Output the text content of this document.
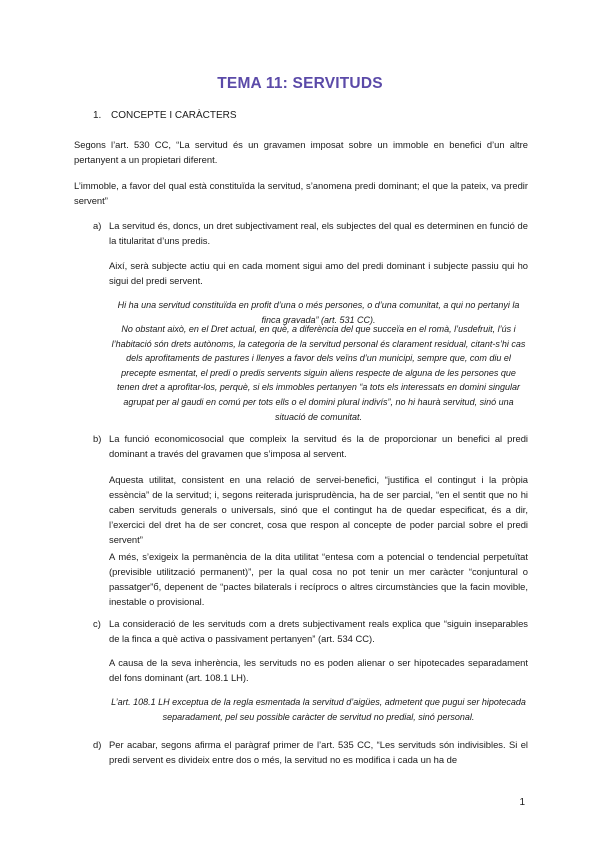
TEMA 11: SERVITUDS
1. CONCEPTE I CARÀCTERS
Segons l’art. 530 CC, “La servitud és un gravamen imposat sobre un immoble en benefici d’un altre pertanyent a un propietari diferent.
L’immoble, a favor del qual està constituïda la servitud, s’anomena predi dominant; el que la pateix, va predir servent”
a) La servitud és, doncs, un dret subjectivament real, els subjectes del qual es determinen en funció de la titularitat d’uns predis.
Així, serà subjecte actiu qui en cada moment sigui amo del predi dominant i subjecte passiu qui ho sigui del predi servent.
Hi ha una servitud constituïda en profit d’una o més persones, o d’una comunitat, a qui no pertanyi la finca gravada” (art. 531 CC).
No obstant això, en el Dret actual, en què, a diferència del que succeïa en el romà, l’usdefruit, l’ús i l’habitació són drets autònoms, la categoria de la servitud personal és clarament residual, citant-s’hi cas dels aprofitaments de pastures i llenyes a favor dels veïns d’un municipi, sempre que, com diu el precepte esmentat, el predi o predis servents siguin aliens respecte de alguna de les persones que tenen dret a aprofitar-los, perquè, si els immobles pertanyen “a tots els interessats en domini singular agrupat per al gaudi en comú per tots ells o el domini plural indivís”, no hi haurà servitud, sinó una situació de comunitat.
b) La funció economicosocial que compleix la servitud és la de proporcionar un benefici al predi dominant a través del gravamen que s’imposa al servent.
Aquesta utilitat, consistent en una relació de servei-benefici, “justifica el contingut i la pròpia essència” de la servitud; i, segons reiterada jurisprudència, ha de ser parcial, “en el sentit que no hi caben servituds generals o universals, sinó que el contingut ha de quedar especificat, és a dir, l’exercici del dret ha de ser concret, cosa que respon al concepte de poder parcial sobre el predi servent”
A més, s’exigeix la permanència de la dita utilitat “entesa com a potencial o tendencial perpetuïtat (previsible utilització permanent)”, per la qual cosa no pot tenir un mer caràcter “conjuntural o passatger”б, depenent de “pactes bilaterals i recíprocs o altres circumstàncies que la facin movible, inestable o provisional.
c) La consideració de les servituds com a drets subjectivament reals explica que “siguin inseparables de la finca a què activa o passivament pertanyen” (art. 534 CC).
A causa de la seva inherència, les servituds no es poden alienar o ser hipotecades separadament del fons dominant (art. 108.1 LH).
L’art. 108.1 LH exceptua de la regla esmentada la servitud d’aigües, admetent que pugui ser hipotecada separadament, pel seu possible caràcter de servitud no predial, sinó personal.
d) Per acabar, segons afirma el paràgraf primer de l’art. 535 CC, “Les servituds són indivisibles. Si el predi servent es divideix entre dos o més, la servitud no es modifica i cada un ha de
1
